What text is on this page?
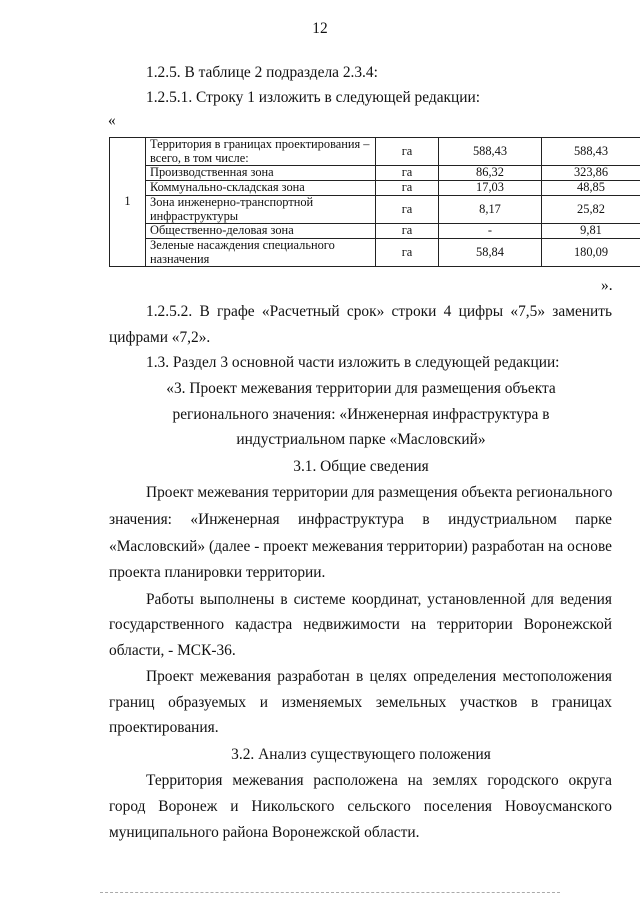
12
1.2.5. В таблице 2 подраздела 2.3.4:
1.2.5.1. Строку 1 изложить в следующей редакции:
«
1	Территория в границах проектирования – всего, в том числе:	га	588,43	588,43
	Производственная зона	га	86,32	323,86
	Коммунально-складская зона	га	17,03	48,85
	Зона инженерно-транспортной инфраструктуры	га	8,17	25,82
	Общественно-деловая зона	га	-	9,81
	Зеленые насаждения специального назначения	га	58,84	180,09
».
1.2.5.2. В графе «Расчетный срок» строки 4 цифры «7,5» заменить
цифрами «7,2».
1.3. Раздел 3 основной части изложить в следующей редакции:
«3. Проект межевания территории для размещения объекта
регионального значения: «Инженерная инфраструктура в
индустриальном парке «Масловский»
3.1. Общие сведения
Проект межевания территории для размещения объекта регионального
значения: «Инженерная инфраструктура в индустриальном парке
«Масловский» (далее - проект межевания территории) разработан на основе
проекта планировки территории.
Работы выполнены в системе координат, установленной для ведения
государственного кадастра недвижимости на территории Воронежской
области, - МСК-36.
Проект межевания разработан в целях определения местоположения
границ образуемых и изменяемых земельных участков в границах
проектирования.
3.2. Анализ существующего положения
Территория межевания расположена на землях городского округа
город Воронеж и Никольского сельского поселения Новоусманского
муниципального района Воронежской области.
